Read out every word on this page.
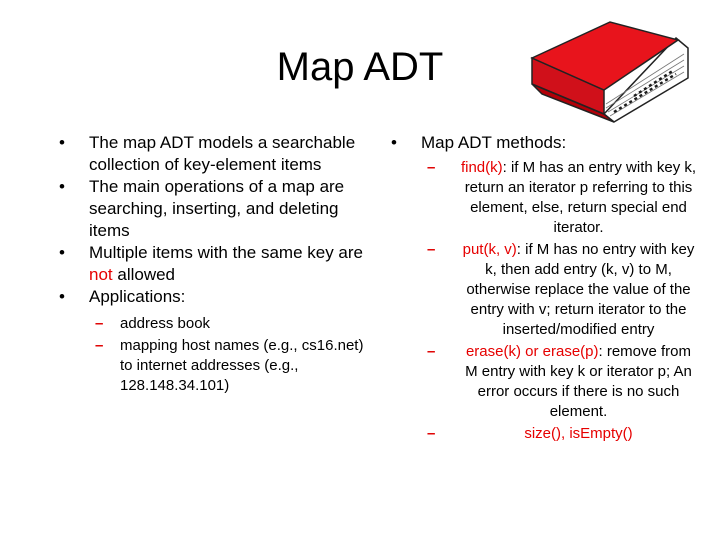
Map ADT
• The map ADT models a searchable collection of key-element items
• The main operations of a map are searching, inserting, and deleting items
• Multiple items with the same key are not allowed
• Applications:
– address book
– mapping host names (e.g., cs16.net) to internet addresses (e.g., 128.148.34.101)
• Map ADT methods:
– find(k): if M has an entry with key k, return an iterator p referring to this element, else, return special end iterator.
– put(k, v): if M has no entry with key k, then add entry (k, v) to M, otherwise replace the value of the entry with v; return iterator to the inserted/modified entry
– erase(k) or erase(p): remove from M entry with key k or iterator p; An error occurs if there is no such element.
– size(), isEmpty()
